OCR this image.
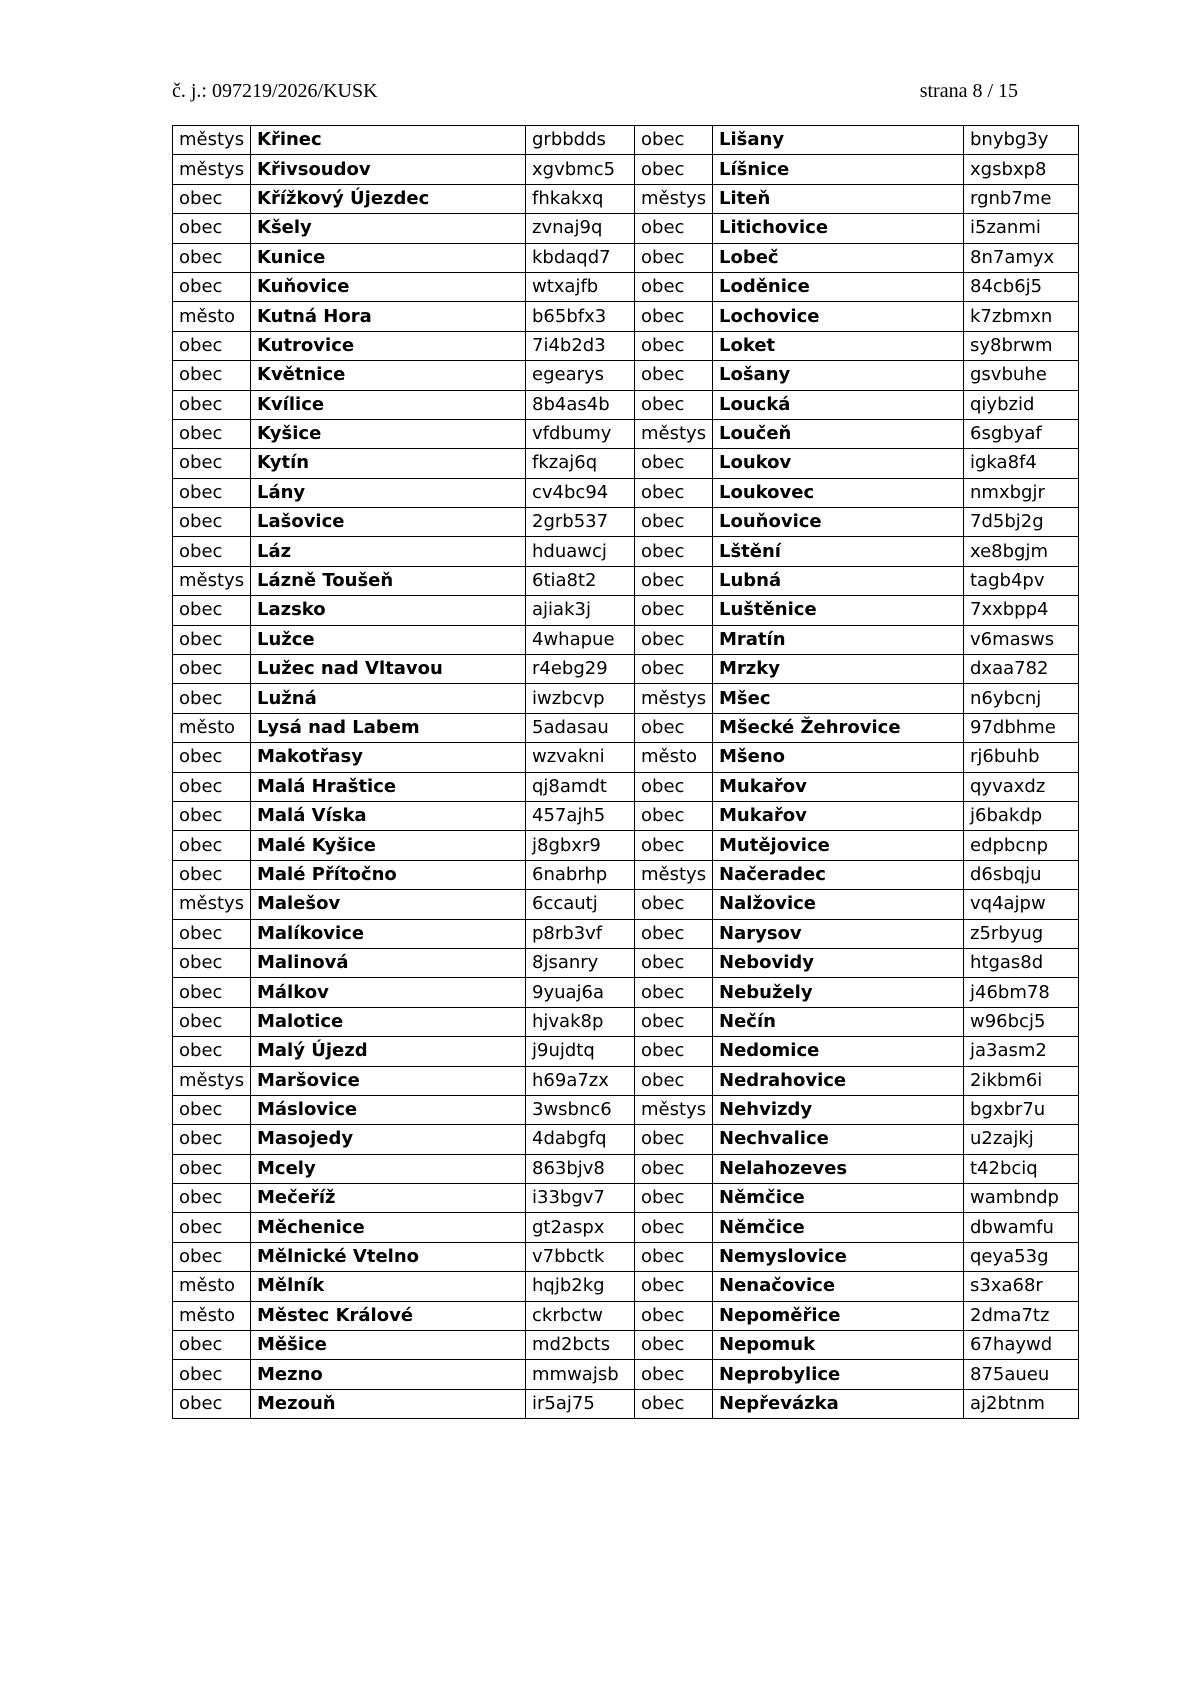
č. j.: 097219/2026/KUSK	strana 8 / 15
městys	Křinec	grbbdds	obec	Lišany	bnybg3y
městys	Křivsoudov	xgvbmc5	obec	Líšnice	xgsbxp8
obec	Křížkový Újezdec	fhkakxq	městys	Liteň	rgnb7me
obec	Kšely	zvnaj9q	obec	Litichovice	i5zanmi
obec	Kunice	kbdaqd7	obec	Lobeč	8n7amyx
obec	Kuňovice	wtxajfb	obec	Loděnice	84cb6j5
město	Kutná Hora	b65bfx3	obec	Lochovice	k7zbmxn
obec	Kutrovice	7i4b2d3	obec	Loket	sy8brwm
obec	Květnice	egearys	obec	Lošany	gsvbuhe
obec	Kvílice	8b4as4b	obec	Loucká	qiybzid
obec	Kyšice	vfdbumy	městys	Loučeň	6sgbyaf
obec	Kytín	fkzaj6q	obec	Loukov	igka8f4
obec	Lány	cv4bc94	obec	Loukovec	nmxbgjr
obec	Lašovice	2grb537	obec	Louňovice	7d5bj2g
obec	Láz	hduawcj	obec	Lštění	xe8bgjm
městys	Lázně Toušeň	6tia8t2	obec	Lubná	tagb4pv
obec	Lazsko	ajiak3j	obec	Luštěnice	7xxbpp4
obec	Lužce	4whapue	obec	Mratín	v6masws
obec	Lužec nad Vltavou	r4ebg29	obec	Mrzky	dxaa782
obec	Lužná	iwzbcvp	městys	Mšec	n6ybcnj
město	Lysá nad Labem	5adasau	obec	Mšecké Žehrovice	97dbhme
obec	Makotřasy	wzvakni	město	Mšeno	rj6buhb
obec	Malá Hraštice	qj8amdt	obec	Mukařov	qyvaxdz
obec	Malá Víska	457ajh5	obec	Mukařov	j6bakdp
obec	Malé Kyšice	j8gbxr9	obec	Mutějovice	edpbcnp
obec	Malé Přítočno	6nabrhp	městys	Načeradec	d6sbqju
městys	Malešov	6ccautj	obec	Nalžovice	vq4ajpw
obec	Malíkovice	p8rb3vf	obec	Narysov	z5rbyug
obec	Malinová	8jsanry	obec	Nebovidy	htgas8d
obec	Málkov	9yuaj6a	obec	Nebužely	j46bm78
obec	Malotice	hjvak8p	obec	Nečín	w96bcj5
obec	Malý Újezd	j9ujdtq	obec	Nedomice	ja3asm2
městys	Maršovice	h69a7zx	obec	Nedrahovice	2ikbm6i
obec	Máslovice	3wsbnc6	městys	Nehvizdy	bgxbr7u
obec	Masojedy	4dabgfq	obec	Nechvalice	u2zajkj
obec	Mcely	863bjv8	obec	Nelahozeves	t42bciq
obec	Mečeříž	i33bgv7	obec	Němčice	wambndp
obec	Měchenice	gt2aspx	obec	Němčice	dbwamfu
obec	Mělnické Vtelno	v7bbctk	obec	Nemyslovice	qeya53g
město	Mělník	hqjb2kg	obec	Nenačovice	s3xa68r
město	Městec Králové	ckrbctw	obec	Nepoměřice	2dma7tz
obec	Měšice	md2bcts	obec	Nepomuk	67haywd
obec	Mezno	mmwajsb	obec	Neprobylice	875aueu
obec	Mezouň	ir5aj75	obec	Nepřevázka	aj2btnm
